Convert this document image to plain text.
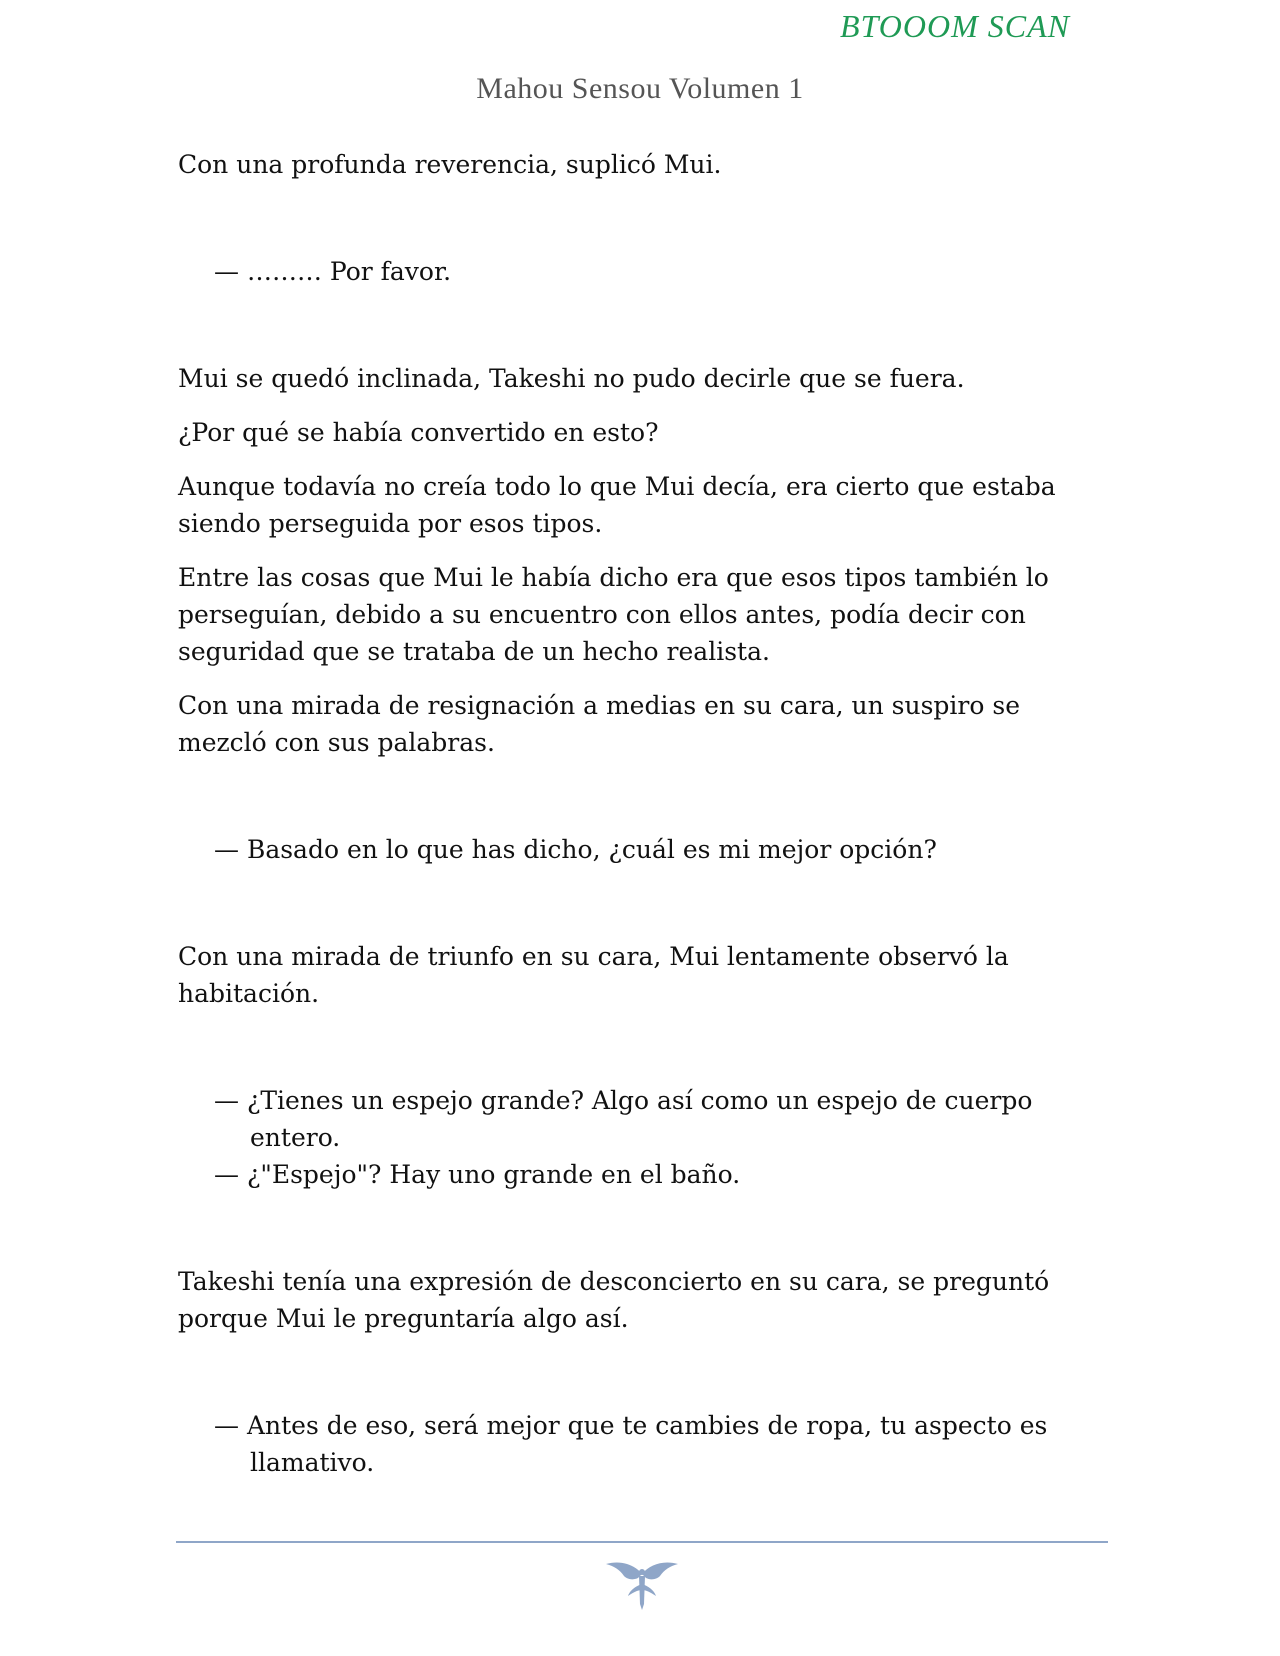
BTOOOM SCAN
Mahou Sensou Volumen 1

Con una profunda reverencia, suplicó Mui.

— ……… Por favor.

Mui se quedó inclinada, Takeshi no pudo decirle que se fuera.

¿Por qué se había convertido en esto?

Aunque todavía no creía todo lo que Mui decía, era cierto que estaba siendo perseguida por esos tipos.

Entre las cosas que Mui le había dicho era que esos tipos también lo perseguían, debido a su encuentro con ellos antes, podía decir con seguridad que se trataba de un hecho realista.

Con una mirada de resignación a medias en su cara, un suspiro se mezcló con sus palabras.

— Basado en lo que has dicho, ¿cuál es mi mejor opción?

Con una mirada de triunfo en su cara, Mui lentamente observó la habitación.

— ¿Tienes un espejo grande? Algo así como un espejo de cuerpo entero.

— ¿"Espejo"? Hay uno grande en el baño.

Takeshi tenía una expresión de desconcierto en su cara, se preguntó porque Mui le preguntaría algo así.

— Antes de eso, será mejor que te cambies de ropa, tu aspecto es llamativo.
